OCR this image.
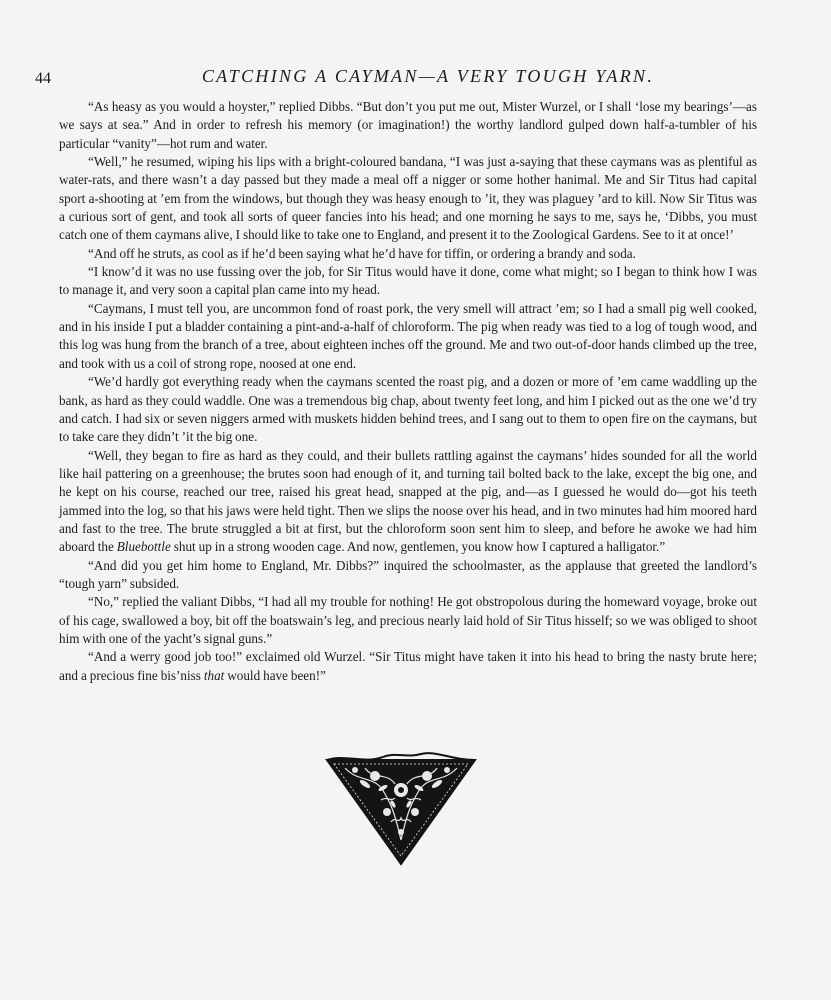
44	CATCHING A CAYMAN—A VERY TOUGH YARN.

“As heasy as you would a hoyster,” replied Dibbs. “But don’t you put me out, Mister Wurzel, or I shall ‘lose my bearings’—as we says at sea.” And in order to refresh his memory (or imagination!) the worthy landlord gulped down half-a-tumbler of his particular “vanity”—hot rum and water.

“Well,” he resumed, wiping his lips with a bright-coloured bandana, “I was just a-saying that these caymans was as plentiful as water-rats, and there wasn’t a day passed but they made a meal off a nigger or some hother hanimal. Me and Sir Titus had capital sport a-shooting at ’em from the windows, but though they was heasy enough to ’it, they was plaguey ’ard to kill. Now Sir Titus was a curious sort of gent, and took all sorts of queer fancies into his head; and one morning he says to me, says he, ‘Dibbs, you must catch one of them caymans alive, I should like to take one to England, and present it to the Zoological Gardens. See to it at once!’

“And off he struts, as cool as if he’d been saying what he’d have for tiffin, or ordering a brandy and soda.

“I know’d it was no use fussing over the job, for Sir Titus would have it done, come what might; so I began to think how I was to manage it, and very soon a capital plan came into my head.

“Caymans, I must tell you, are uncommon fond of roast pork, the very smell will attract ’em; so I had a small pig well cooked, and in his inside I put a bladder containing a pint-and-a-half of chloroform. The pig when ready was tied to a log of tough wood, and this log was hung from the branch of a tree, about eighteen inches off the ground. Me and two out-of-door hands climbed up the tree, and took with us a coil of strong rope, noosed at one end.

“We’d hardly got everything ready when the caymans scented the roast pig, and a dozen or more of ’em came waddling up the bank, as hard as they could waddle. One was a tremendous big chap, about twenty feet long, and him I picked out as the one we’d try and catch. I had six or seven niggers armed with muskets hidden behind trees, and I sang out to them to open fire on the caymans, but to take care they didn’t ’it the big one.

“Well, they began to fire as hard as they could, and their bullets rattling against the caymans’ hides sounded for all the world like hail pattering on a greenhouse; the brutes soon had enough of it, and turning tail bolted back to the lake, except the big one, and he kept on his course, reached our tree, raised his great head, snapped at the pig, and—as I guessed he would do—got his teeth jammed into the log, so that his jaws were held tight. Then we slips the noose over his head, and in two minutes had him moored hard and fast to the tree. The brute struggled a bit at first, but the chloroform soon sent him to sleep, and before he awoke we had him aboard the Bluebottle shut up in a strong wooden cage. And now, gentlemen, you know how I captured a halligator.”

“And did you get him home to England, Mr. Dibbs?” inquired the schoolmaster, as the applause that greeted the landlord’s “tough yarn” subsided.

“No,” replied the valiant Dibbs, “I had all my trouble for nothing! He got obstropolous during the homeward voyage, broke out of his cage, swallowed a boy, bit off the boatswain’s leg, and precious nearly laid hold of Sir Titus hisself; so we was obliged to shoot him with one of the yacht’s signal guns.”

“And a werry good job too!” exclaimed old Wurzel. “Sir Titus might have taken it into his head to bring the nasty brute here; and a precious fine bis’niss that would have been!”
